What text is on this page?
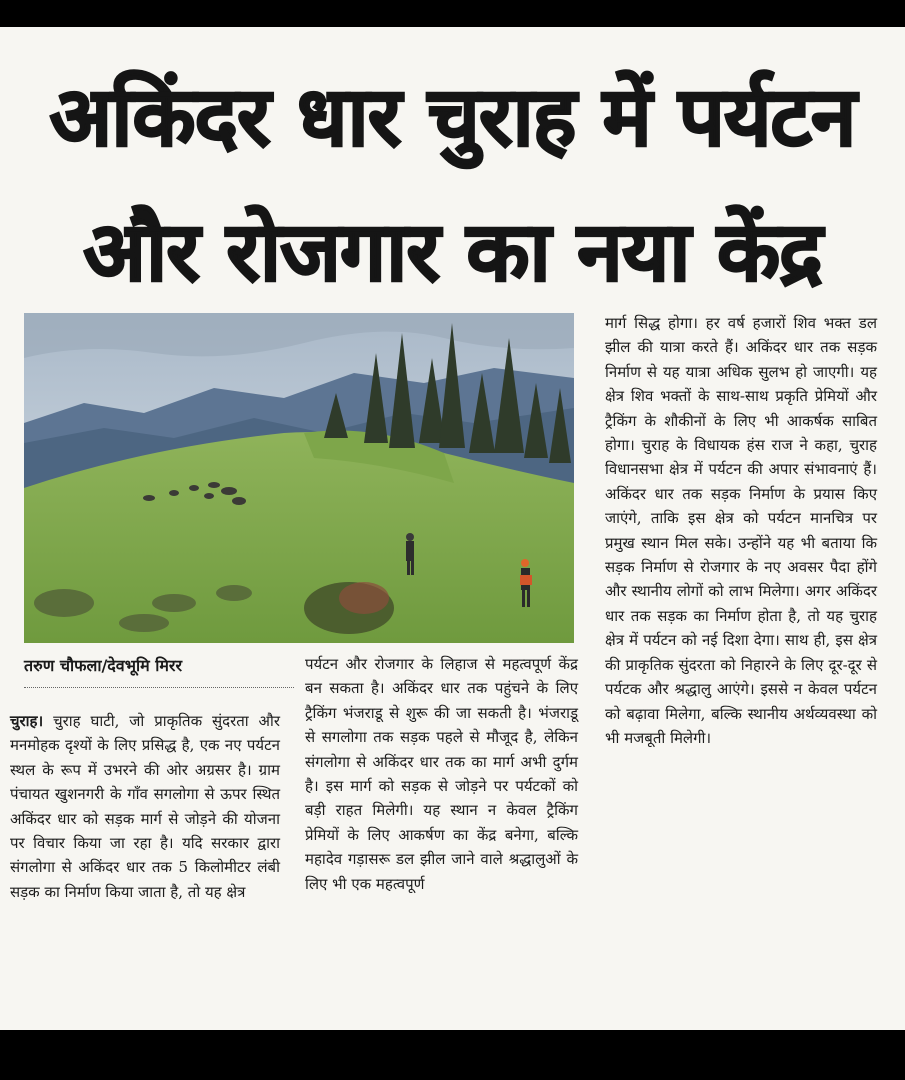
अकिंदर धार चुराह में पर्यटन
और रोजगार का नया केंद्र
तरुण चौफला/देवभूमि मिरर

चुराह। चुराह घाटी, जो प्राकृतिक सुंदरता और मनमोहक दृश्यों के लिए प्रसिद्ध है, एक नए पर्यटन स्थल के रूप में उभरने की ओर अग्रसर है। ग्राम पंचायत खुशनगरी के गाँव सगलोगा से ऊपर स्थित अकिंदर धार को सड़क मार्ग से जोड़ने की योजना पर विचार किया जा रहा है। यदि सरकार द्वारा संगलोगा से अकिंदर धार तक 5 किलोमीटर लंबी सड़क का निर्माण किया जाता है, तो यह क्षेत्र

पर्यटन और रोजगार के लिहाज से महत्वपूर्ण केंद्र बन सकता है। अकिंदर धार तक पहुंचने के लिए ट्रैकिंग भंजराडू से शुरू की जा सकती है। भंजराडू से सगलोगा तक सड़क पहले से मौजूद है, लेकिन संगलोगा से अकिंदर धार तक का मार्ग अभी दुर्गम है। इस मार्ग को सड़क से जोड़ने पर पर्यटकों को बड़ी राहत मिलेगी। यह स्थान न केवल ट्रैकिंग प्रेमियों के लिए आकर्षण का केंद्र बनेगा, बल्कि महादेव गड़ासरू डल झील जाने वाले श्रद्धालुओं के लिए भी एक महत्वपूर्ण

मार्ग सिद्ध होगा। हर वर्ष हजारों शिव भक्त डल झील की यात्रा करते हैं। अकिंदर धार तक सड़क निर्माण से यह यात्रा अधिक सुलभ हो जाएगी। यह क्षेत्र शिव भक्तों के साथ-साथ प्रकृति प्रेमियों और ट्रैकिंग के शौकीनों के लिए भी आकर्षक साबित होगा। चुराह के विधायक हंस राज ने कहा, चुराह विधानसभा क्षेत्र में पर्यटन की अपार संभावनाएं हैं। अकिंदर धार तक सड़क निर्माण के प्रयास किए जाएंगे, ताकि इस क्षेत्र को पर्यटन मानचित्र पर प्रमुख स्थान मिल सके। उन्होंने यह भी बताया कि सड़क निर्माण से रोजगार के नए अवसर पैदा होंगे और स्थानीय लोगों को लाभ मिलेगा। अगर अकिंदर धार तक सड़क का निर्माण होता है, तो यह चुराह क्षेत्र में पर्यटन को नई दिशा देगा। साथ ही, इस क्षेत्र की प्राकृतिक सुंदरता को निहारने के लिए दूर-दूर से पर्यटक और श्रद्धालु आएंगे। इससे न केवल पर्यटन को बढ़ावा मिलेगा, बल्कि स्थानीय अर्थव्यवस्था को भी मजबूती मिलेगी।
